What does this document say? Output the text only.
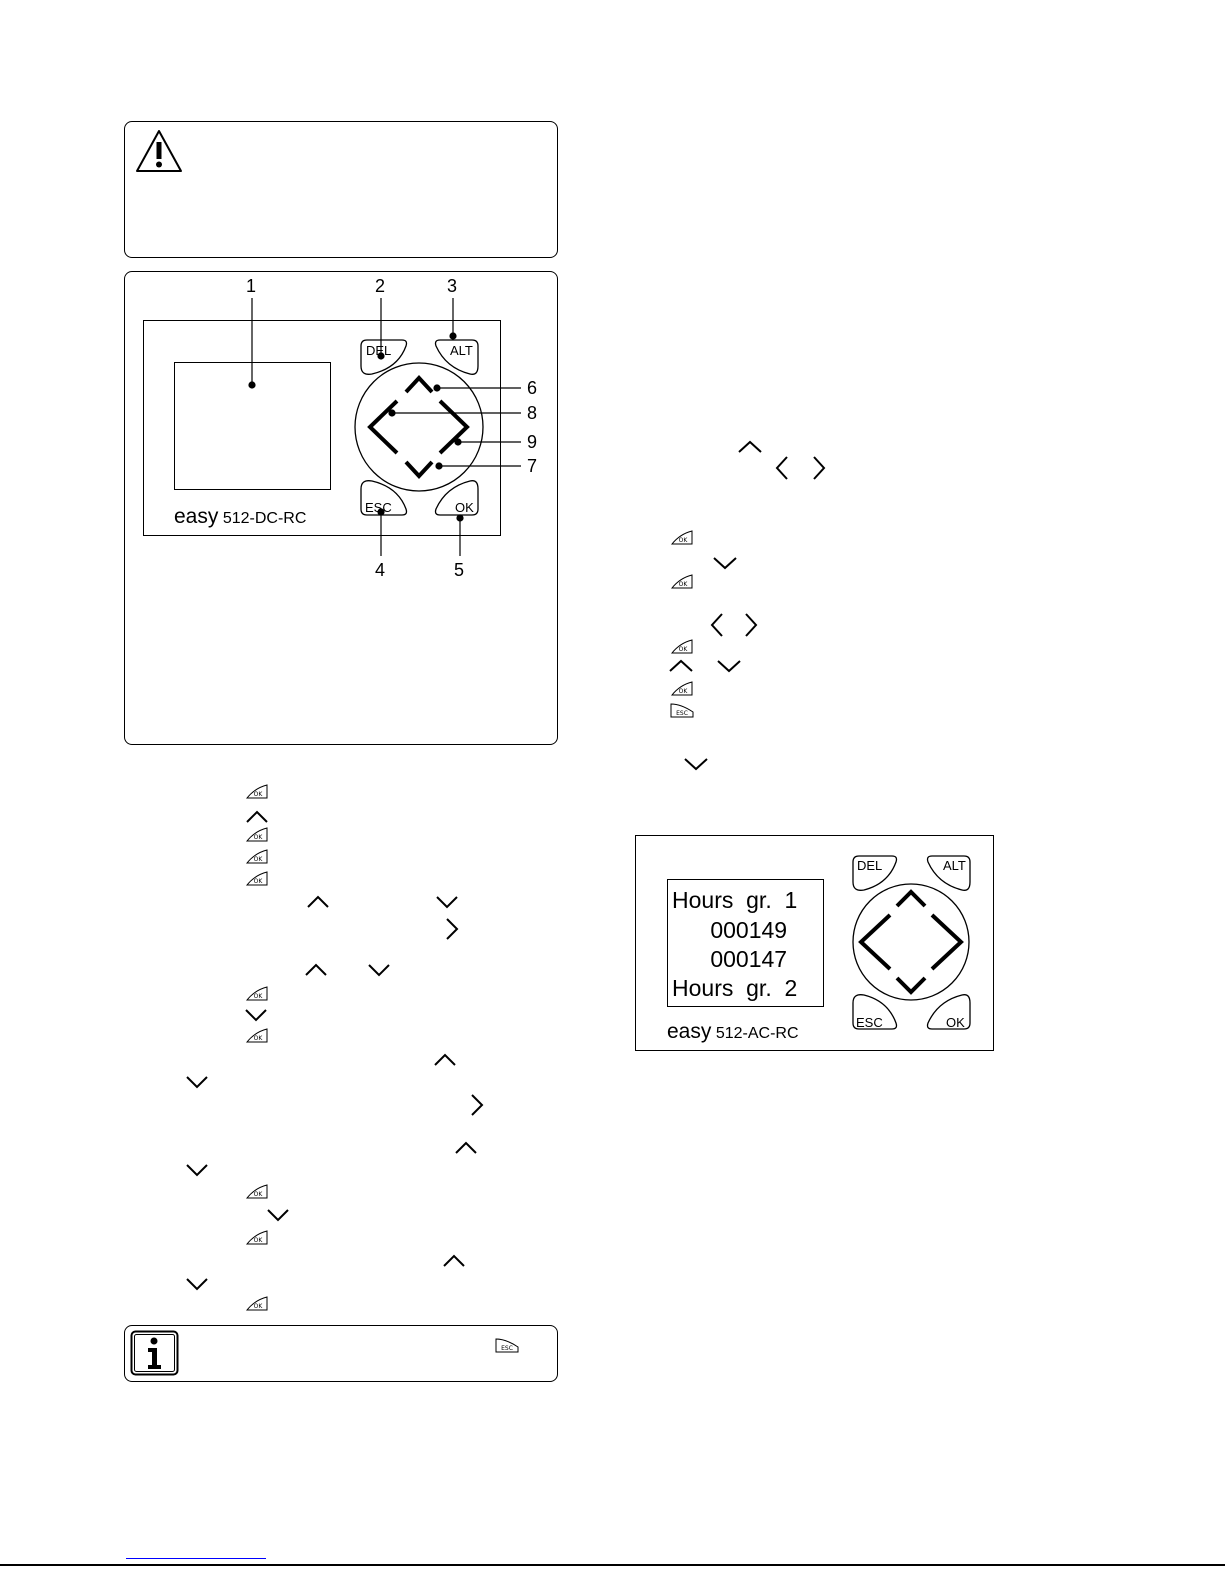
DEL	ALT
ESC	OK
1	2	3
4	5
6
8
9
7
easy 512-DC-RC
OK
OK
OK
OK
OK
OK
OK
OK
OK
ESC
OK
OK
OK
OK
ESC
Hours  gr.  1
000149
000147
Hours  gr.  2
DEL	ALT
ESC	OK
easy 512-AC-RC
